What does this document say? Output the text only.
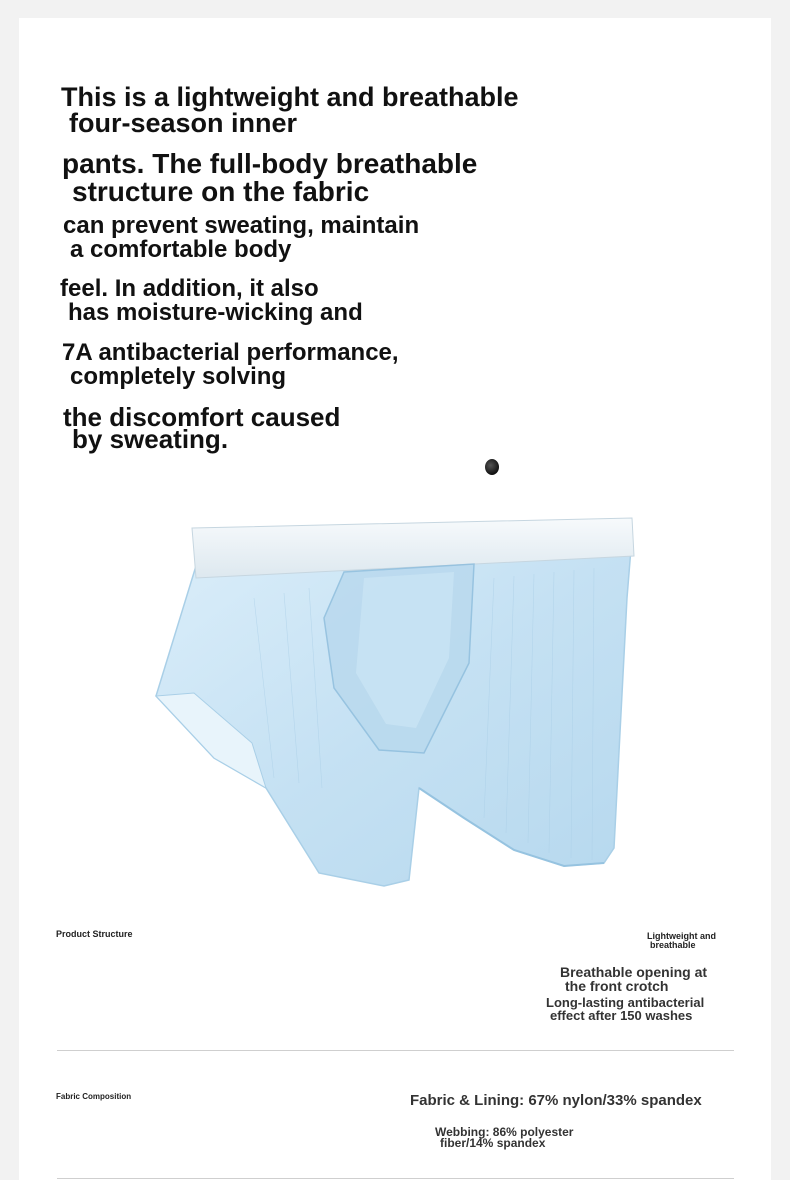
This is a lightweight and breathable

four-season inner

pants. The full-body breathable

structure on the fabric

can prevent sweating, maintain

a comfortable body

feel. In addition, it also

has moisture-wicking and

7A antibacterial performance,

completely solving

the discomfort caused

by sweating.

Product Structure	Lightweight and
breathable
Breathable opening at
the front crotch
Long-lasting antibacterial
effect after 150 washes
Fabric Composition	Fabric & Lining: 67% nylon/33% spandex
Webbing: 86% polyester
fiber/14% spandex
